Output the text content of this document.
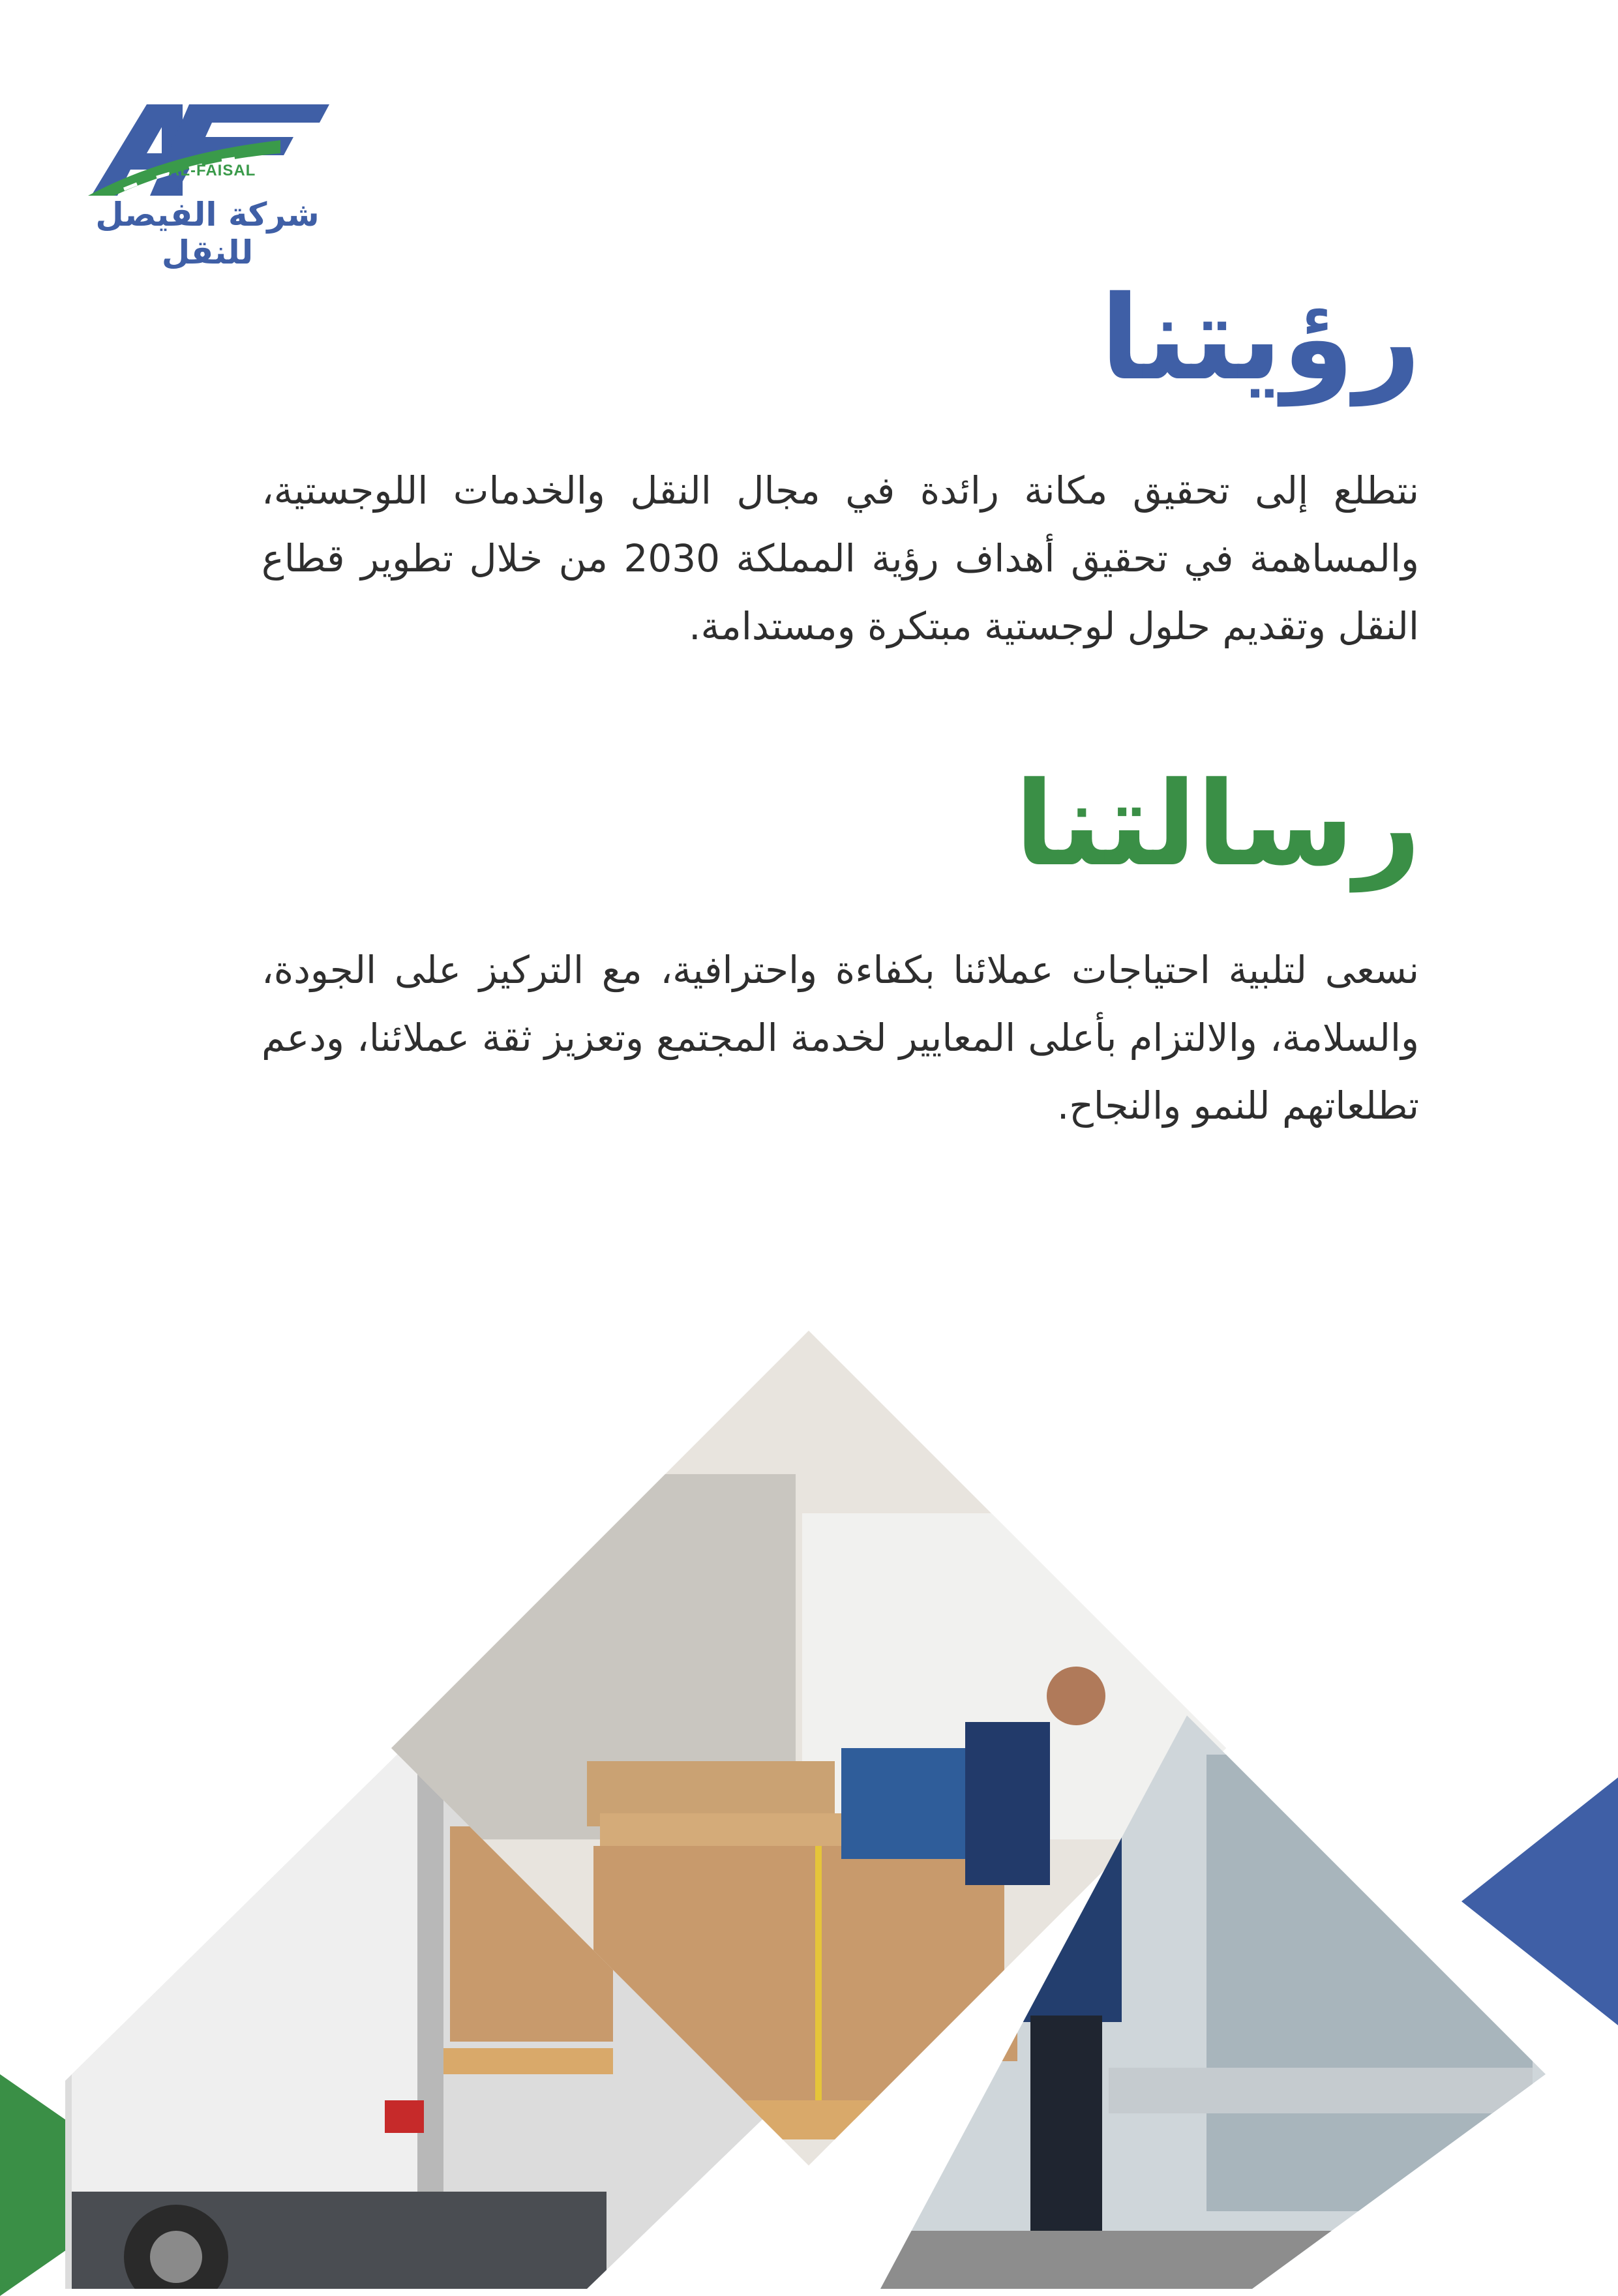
AL-FAISAL
شركة الفيصل للنقل
رؤيتنا

نتطلع إلى تحقيق مكانة رائدة في مجال النقل والخدمات اللوجستية، والمساهمة في تحقيق أهداف رؤية المملكة 2030 من خلال تطوير قطاع النقل وتقديم حلول لوجستية مبتكرة ومستدامة.

رسالتنا

نسعى لتلبية احتياجات عملائنا بكفاءة واحترافية، مع التركيز على الجودة، والسلامة، والالتزام بأعلى المعايير لخدمة المجتمع وتعزيز ثقة عملائنا، ودعم تطلعاتهم للنمو والنجاح.
